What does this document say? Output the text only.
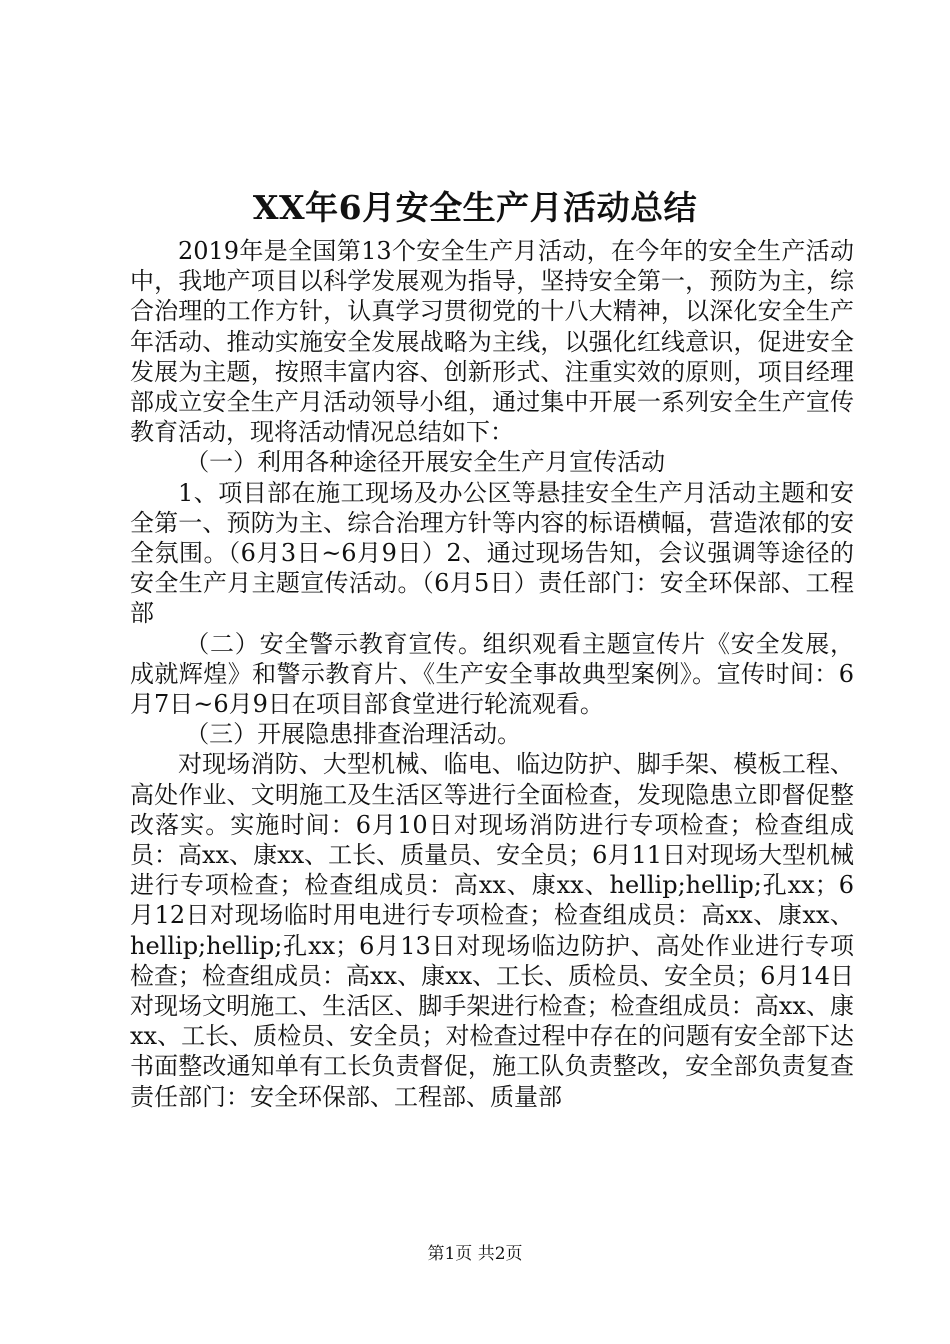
XX年6月安全生产月活动总结

2019年是全国第13个安全生产月活动，在今年的安全生产活动中，我地产项目以科学发展观为指导，坚持安全第一，预防为主，综合治理的工作方针，认真学习贯彻党的十八大精神，以深化安全生产年活动、推动实施安全发展战略为主线，以强化红线意识，促进安全发展为主题，按照丰富内容、创新形式、注重实效的原则，项目经理部成立安全生产月活动领导小组，通过集中开展一系列安全生产宣传教育活动，现将活动情况总结如下：

（一）利用各种途径开展安全生产月宣传活动

1、项目部在施工现场及办公区等悬挂安全生产月活动主题和安全第一、预防为主、综合治理方针等内容的标语横幅，营造浓郁的安全氛围。（6月3日~6月9日）2、通过现场告知，会议强调等途径的安全生产月主题宣传活动。（6月5日）责任部门：安全环保部、工程部

（二）安全警示教育宣传。组织观看主题宣传片《安全发展，成就辉煌》和警示教育片、《生产安全事故典型案例》。宣传时间：6月7日~6月9日在项目部食堂进行轮流观看。

（三）开展隐患排查治理活动。

对现场消防、大型机械、临电、临边防护、脚手架、模板工程、高处作业、文明施工及生活区等进行全面检查，发现隐患立即督促整改落实。实施时间：6月10日对现场消防进行专项检查；检查组成员：高xx、康xx、工长、质量员、安全员；6月11日对现场大型机械进行专项检查；检查组成员：高xx、康xx、hellip;hellip;孔xx；6月12日对现场临时用电进行专项检查；检查组成员：高xx、康xx、hellip;hellip;孔xx；6月13日对现场临边防护、高处作业进行专项检查；检查组成员：高xx、康xx、工长、质检员、安全员；6月14日对现场文明施工、生活区、脚手架进行检查；检查组成员：高xx、康xx、工长、质检员、安全员；对检查过程中存在的问题有安全部下达书面整改通知单有工长负责督促，施工队负责整改，安全部负责复查责任部门：安全环保部、工程部、质量部

第1页 共2页
